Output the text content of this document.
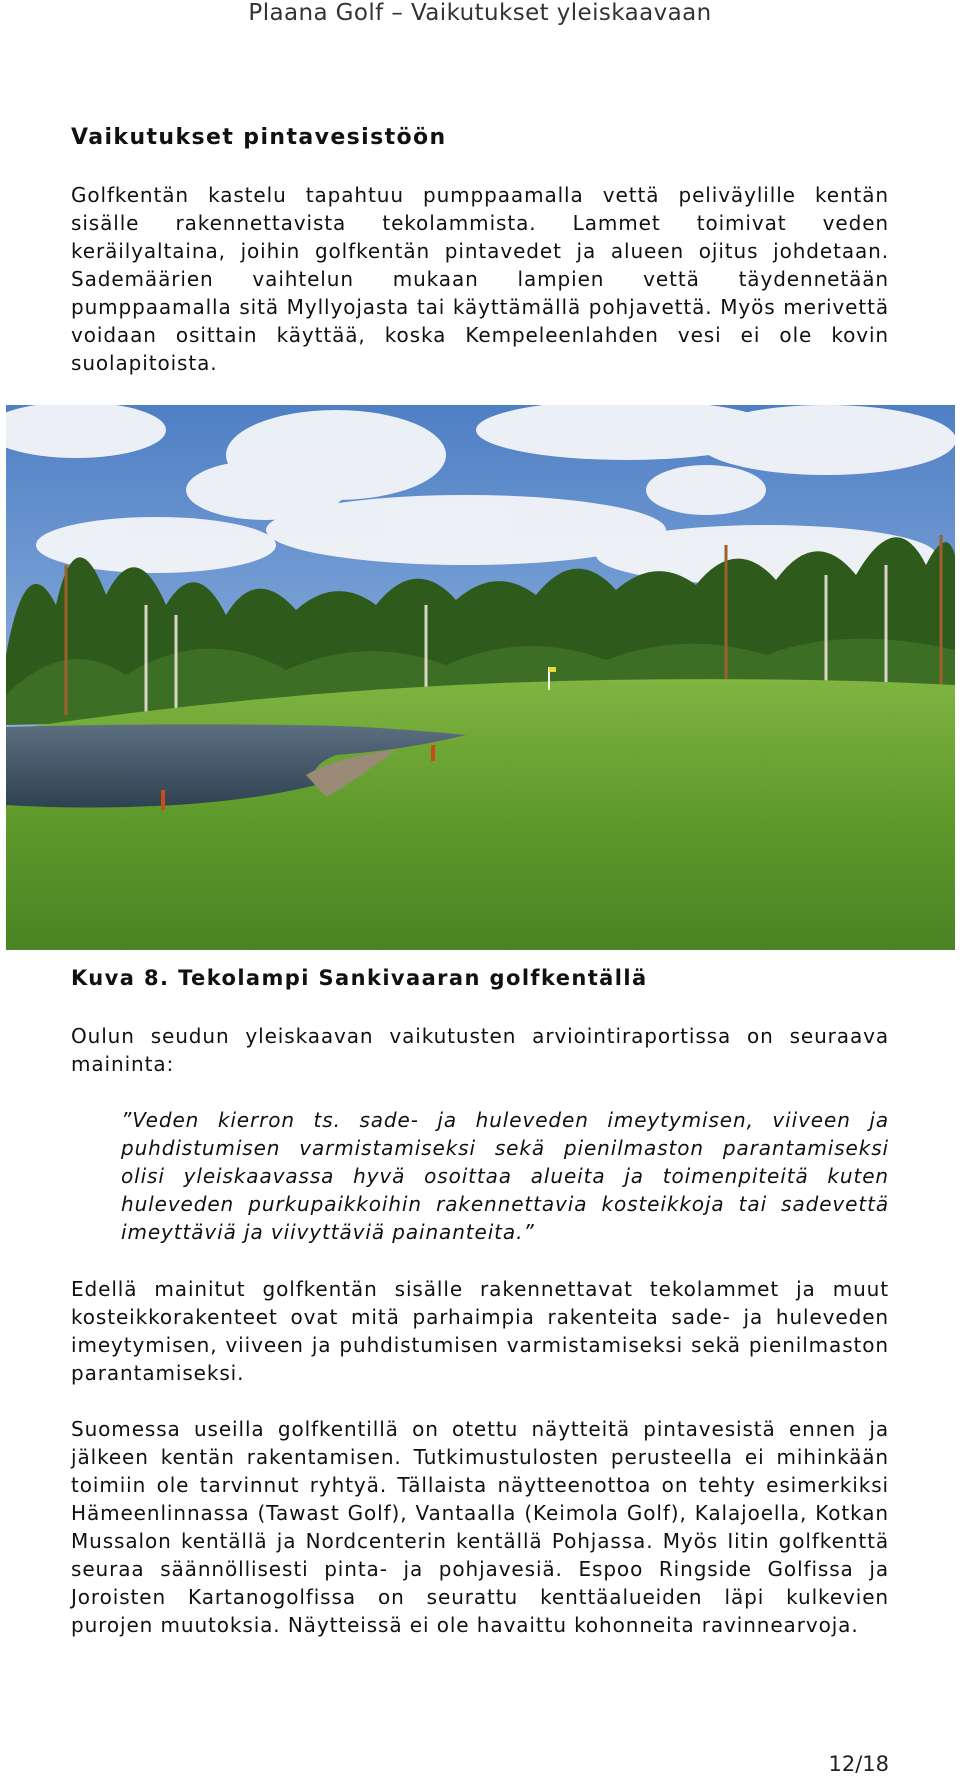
Plaana Golf – Vaikutukset yleiskaavaan
Vaikutukset pintavesistöön

Golfkentän kastelu tapahtuu pumppaamalla vettä peliväylille kentän sisälle rakennettavista tekolammista. Lammet toimivat veden keräilyaltaina, joihin golfkentän pintavedet ja alueen ojitus johdetaan. Sademäärien vaihtelun mukaan lampien vettä täydennetään pumppaamalla sitä Myllyojasta tai käyttämällä pohjavettä. Myös merivettä voidaan osittain käyttää, koska Kempeleenlahden vesi ei ole kovin suolapitoista.

Kuva 8. Tekolampi Sankivaaran golfkentällä

Oulun seudun yleiskaavan vaikutusten arviointiraportissa on seuraava maininta:

”Veden kierron ts. sade- ja huleveden imeytymisen, viiveen ja puhdistumisen varmistamiseksi sekä pienilmaston parantamiseksi olisi yleiskaavassa hyvä osoittaa alueita ja toimenpiteitä kuten huleveden purkupaikkoihin rakennettavia kosteikkoja tai sadevettä imeyttäviä ja viivyttäviä painanteita.”

Edellä mainitut golfkentän sisälle rakennettavat tekolammet ja muut kosteikkorakenteet ovat mitä parhaimpia rakenteita sade- ja huleveden imeytymisen, viiveen ja puhdistumisen varmistamiseksi sekä pienilmaston parantamiseksi.

Suomessa useilla golfkentillä on otettu näytteitä pintavesistä ennen ja jälkeen kentän rakentamisen. Tutkimustulosten perusteella ei mihinkään toimiin ole tarvinnut ryhtyä. Tällaista näytteenottoa on tehty esimerkiksi Hämeenlinnassa (Tawast Golf), Vantaalla (Keimola Golf), Kalajoella, Kotkan Mussalon kentällä ja Nordcenterin kentällä Pohjassa. Myös Iitin golfkenttä seuraa säännöllisesti pinta- ja pohjavesiä. Espoo Ringside Golfissa ja Joroisten Kartanogolfissa on seurattu kenttäalueiden läpi kulkevien purojen muutoksia. Näytteissä ei ole havaittu kohonneita ravinnearvoja.

12/18
